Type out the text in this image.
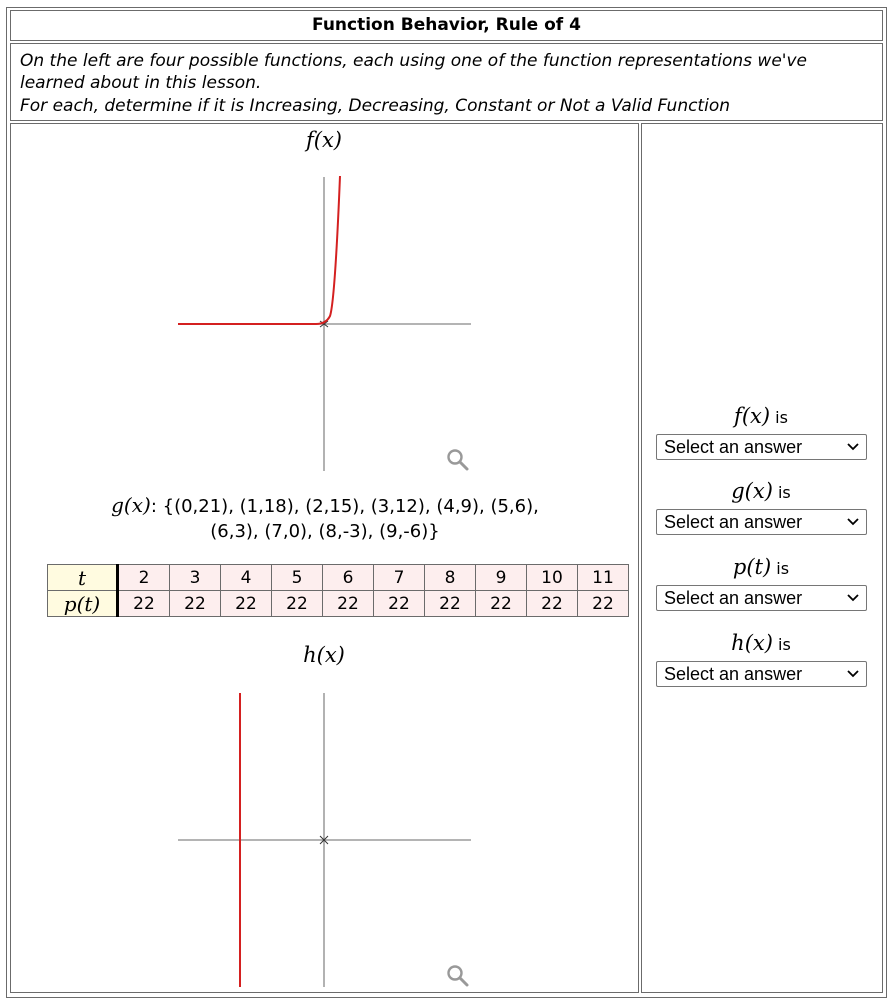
Function Behavior, Rule of 4
On the left are four possible functions, each using one of the function representations we've learned about in this lesson.
For each, determine if it is Increasing, Decreasing, Constant or Not a Valid Function
f(x)
g(x): {(0,21), (1,18), (2,15), (3,12), (4,9), (5,6),
(6,3), (7,0), (8,-3), (9,-6)}
t	2	3	4	5	6	7	8	9	10	11
p(t)	22	22	22	22	22	22	22	22	22	22
h(x)
f(x) is
Select an answer
g(x) is
Select an answer
p(t) is
Select an answer
h(x) is
Select an answer
